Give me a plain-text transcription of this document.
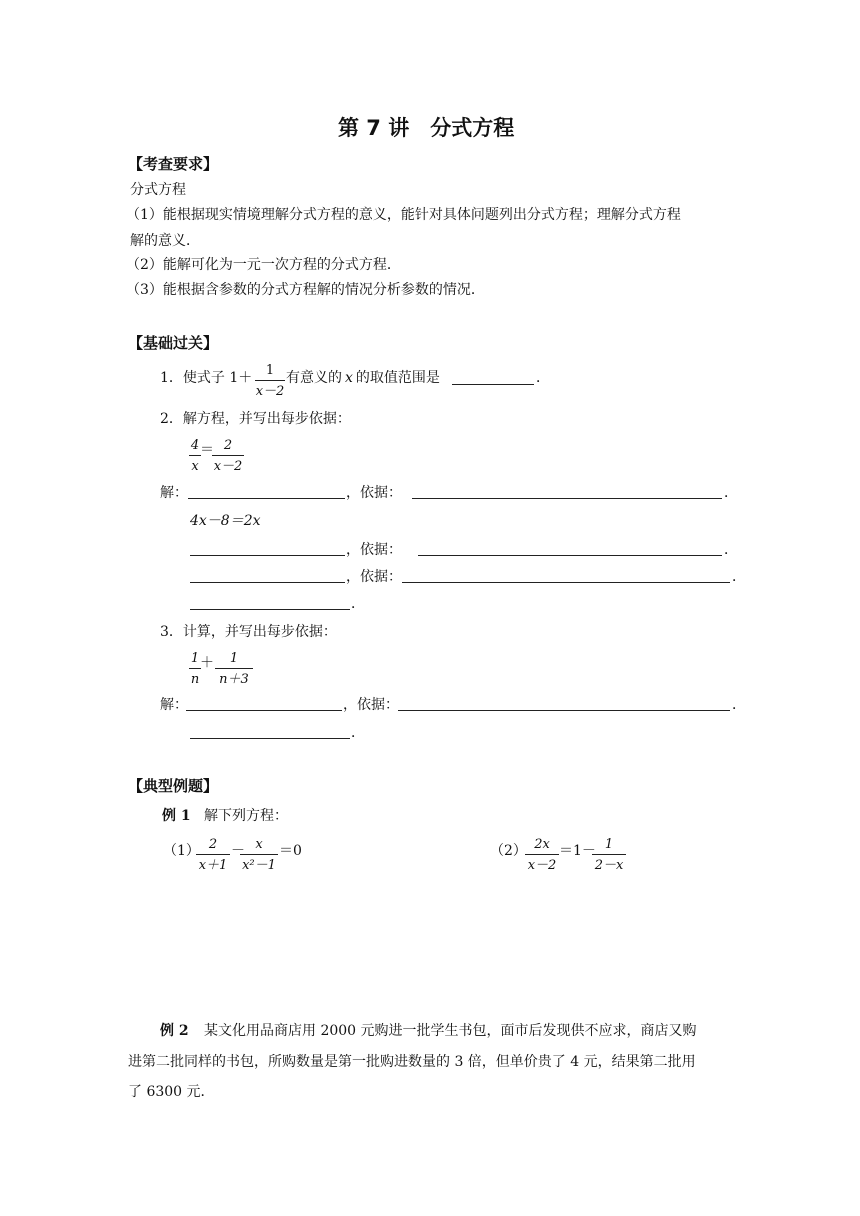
第 7 讲　分式方程
【考查要求】
分式方程
（1）能根据现实情境理解分式方程的意义，能针对具体问题列出分式方程；理解分式方程
解的意义．
（2）能解可化为一元一次方程的分式方程．
（3）能根据含参数的分式方程解的情况分析参数的情况．
【基础过关】
1．使式子 1＋	1
x－2
有意义的 x 的取值范围是	．
2．解方程，并写出每步依据：
4
x
＝ 2
x－2
解：	，依据：	．
4x－8＝2x
，依据：	．
，依据：	．
．
3．计算，并写出每步依据：
1
n
＋	1
n＋3
解：	，依据：	．
．
【典型例题】
例 1 解下列方程：
（1） 2
x＋1
－ x
x²－1
＝0	（2） 2x
x－2
＝1－ 1
2－x
例 2 某文化用品商店用 2000 元购进一批学生书包，面市后发现供不应求，商店又购
进第二批同样的书包，所购数量是第一批购进数量的 3 倍，但单价贵了 4 元，结果第二批用
了 6300 元．
